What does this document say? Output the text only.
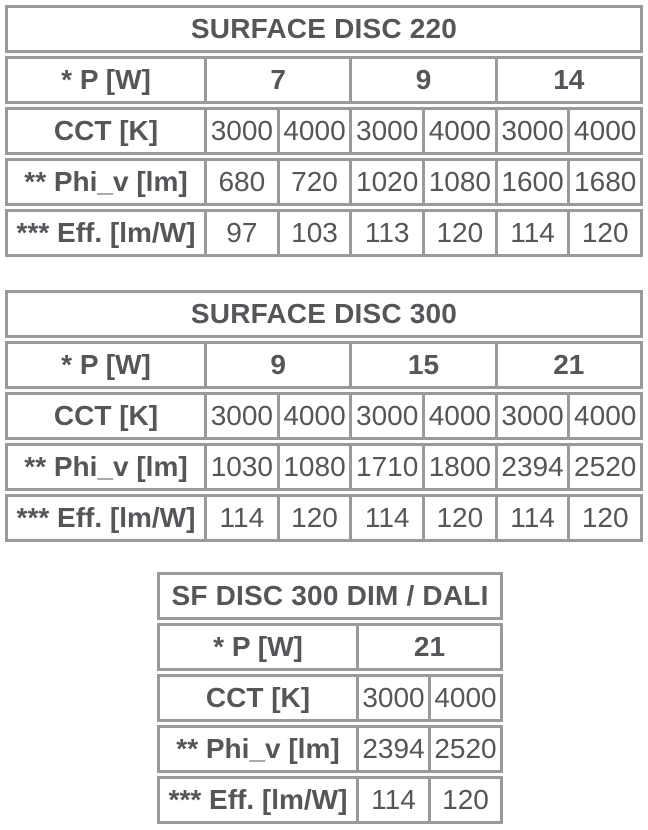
SURFACE DISC 220
* P [W]	7	9	14
CCT [K]	3000 4000 3000 4000 3000 4000
** Phi_v [lm]	680 720 1020 1080 1600 1680
*** Eff. [lm/W]	97	103 113 120 114 120
SURFACE DISC 300
* P [W]	9	15	21
CCT [K]	3000 4000 3000 4000 3000 4000
** Phi_v [lm] 1030 1080 1710 1800 2394 2520
*** Eff. [lm/W] 114 120 114 120 114 120
SF DISC 300 DIM / DALI
* P [W]	21
CCT [K]	3000 4000
** Phi_v [lm] 2394 2520
*** Eff. [lm/W] 114 120
